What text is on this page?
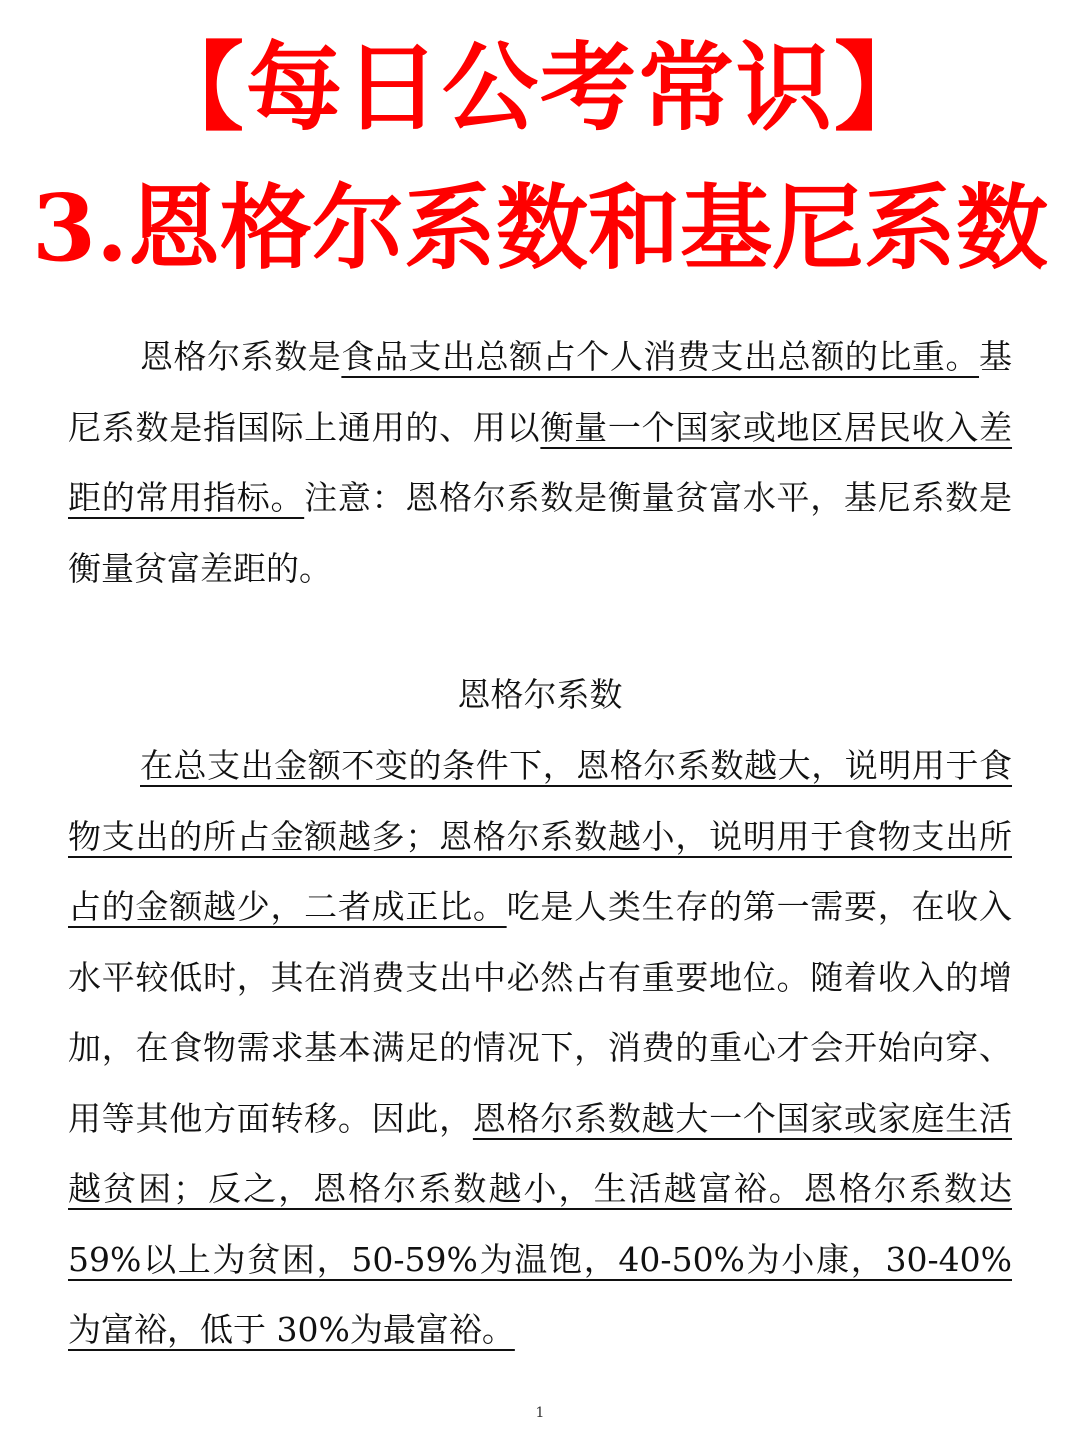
【每日公考常识】
3.恩格尔系数和基尼系数
恩格尔系数是食品支出总额占个人消费支出总额的比重。基尼系数是指国际上通用的、用以衡量一个国家或地区居民收入差距的常用指标。注意：恩格尔系数是衡量贫富水平，基尼系数是衡量贫富差距的。
恩格尔系数
在总支出金额不变的条件下，恩格尔系数越大，说明用于食物支出的所占金额越多；恩格尔系数越小，说明用于食物支出所占的金额越少，二者成正比。吃是人类生存的第一需要，在收入水平较低时，其在消费支出中必然占有重要地位。随着收入的增加，在食物需求基本满足的情况下，消费的重心才会开始向穿、用等其他方面转移。因此，恩格尔系数越大一个国家或家庭生活越贫困；反之，恩格尔系数越小，生活越富裕。恩格尔系数达 59%以上为贫困，50-59%为温饱，40-50%为小康，30-40%为富裕，低于 30%为最富裕。
1
